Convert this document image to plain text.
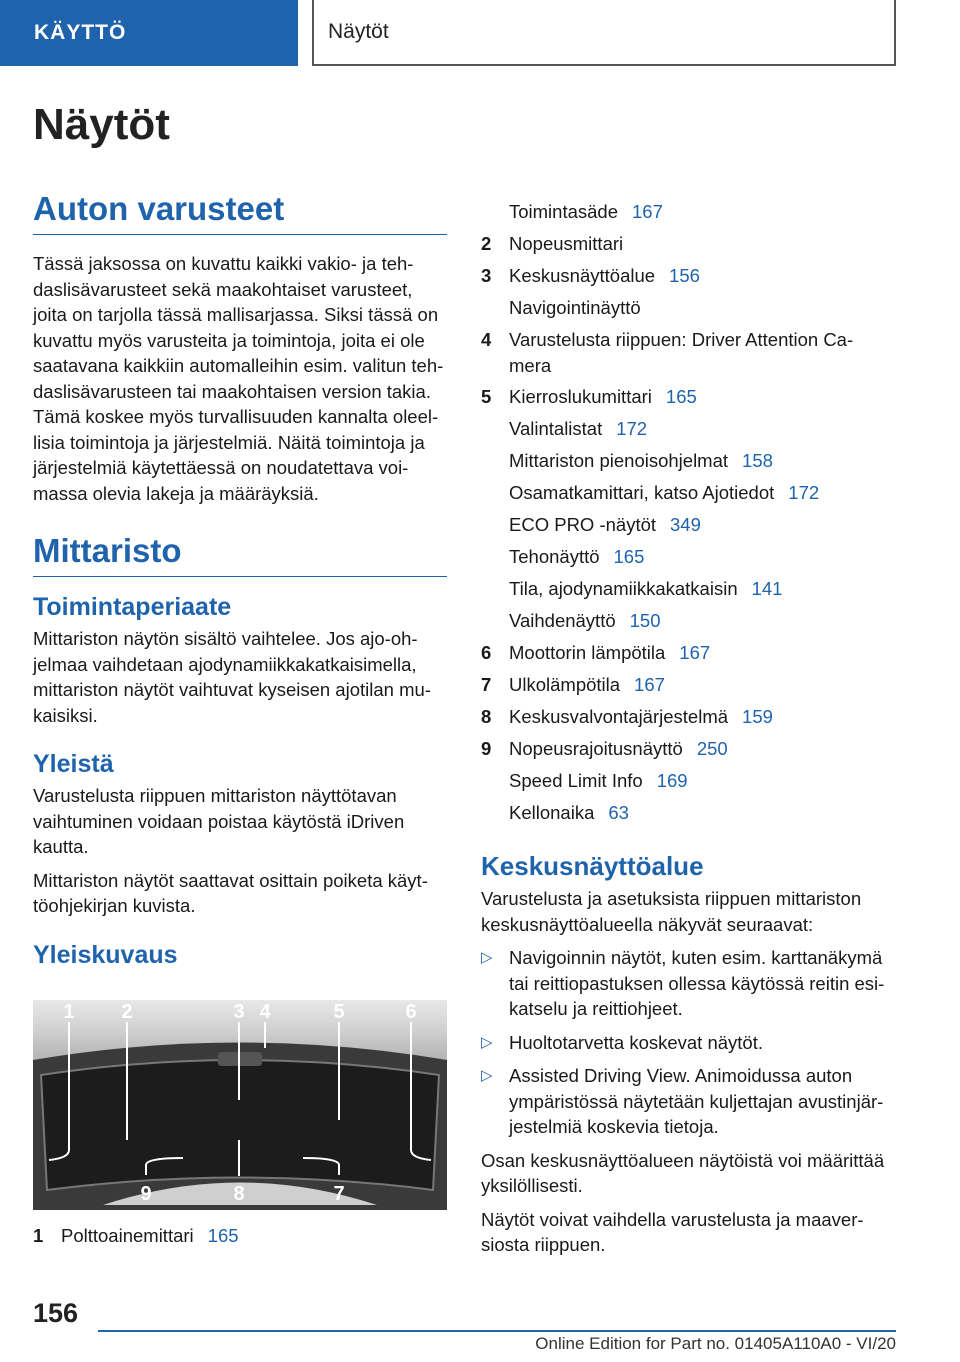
KÄYTTÖ	Näytöt
Näytöt
Auton varusteet

Tässä jaksossa on kuvattu kaikki vakio- ja teh-daslisävarusteet sekä maakohtaiset varusteet, joita on tarjolla tässä mallisarjassa. Siksi tässä on kuvattu myös varusteita ja toimintoja, joita ei ole saatavana kaikkiin automalleihin esim. valitun teh-daslisävarusteen tai maakohtaisen version takia. Tämä koskee myös turvallisuuden kannalta oleel-lisia toimintoja ja järjestelmiä. Näitä toimintoja ja järjestelmiä käytettäessä on noudatettava voi-massa olevia lakeja ja määräyksiä.

Mittaristo
Toimintaperiaate

Mittariston näytön sisältö vaihtelee. Jos ajo-oh-jelmaa vaihdetaan ajodynamiikkakatkaisimella, mittariston näytöt vaihtuvat kyseisen ajotilan mu-kaisiksi.

Yleistä

Varustelusta riippuen mittariston näyttötavan vaihtuminen voidaan poistaa käytöstä iDriven kautta.

Mittariston näytöt saattavat osittain poiketa käyt-töohjekirjan kuvista.

Yleiskuvaus
1 2	3 4	5	6
9	8	7
1 Polttoainemittari 165
Toimintasäde 167
2 Nopeusmittari
3 Keskusnäyttöalue 156
Navigointinäyttö
4 Varustelusta riippuen: Driver Attention Ca-mera
5 Kierroslukumittari 165
Valintalistat 172
Mittariston pienoisohjelmat 158
Osamatkamittari, katso Ajotiedot 172
ECO PRO -näytöt 349
Tehonäyttö 165
Tila, ajodynamiikkakatkaisin 141
Vaihdenäyttö 150
6 Moottorin lämpötila 167
7 Ulkolämpötila 167
8 Keskusvalvontajärjestelmä 159
9 Nopeusrajoitusnäyttö 250
Speed Limit Info 169
Kellonaika 63
Keskusnäyttöalue

Varustelusta ja asetuksista riippuen mittariston keskusnäyttöalueella näkyvät seuraavat:

▷ Navigoinnin näytöt, kuten esim. karttanäkymä tai reittiopastuksen ollessa käytössä reitin esi-katselu ja reittiohjeet.
▷ Huoltotarvetta koskevat näytöt.
▷ Assisted Driving View. Animoidussa auton ympäristössä näytetään kuljettajan avustinjär-jestelmiä koskevia tietoja.

Osan keskusnäyttöalueen näytöistä voi määrittää yksilöllisesti.

Näytöt voivat vaihdella varustelusta ja maaver-siosta riippuen.

156
Online Edition for Part no. 01405A110A0 - VI/20
